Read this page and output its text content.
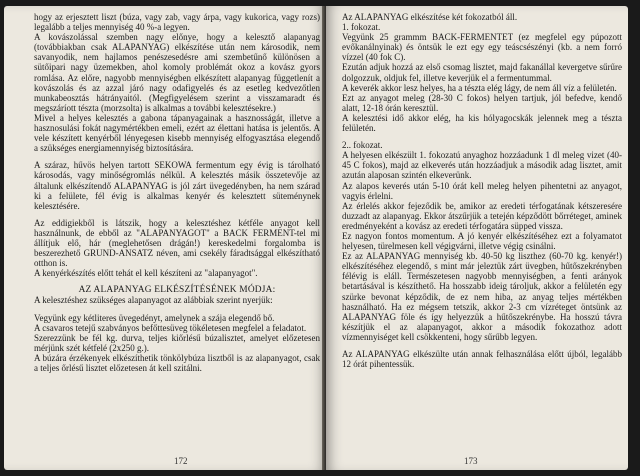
hogy az erjesztett liszt (búza, vagy zab, vagy árpa, vagy kukorica, vagy rozs) legalább a teljes mennyiség 40 %-a legyen.

A kovászolással szemben nagy előnye, hogy a kelesztő alapanyag (továbbiakban csak ALAPANYAG) elkészítése után nem károsodik, nem savanyodik, nem hajlamos penészesedésre ami szembetűnő különösen a sütőipari nagy üzemekben, ahol komoly problémát okoz a kovász gyors romlása. Az előre, nagyobb mennyiségben elkészített alapanyag függetlenít a kovászolás és az azzal járó nagy odafigyelés és az esetleg kedvezőtlen munkabeosztás hátrányaitól. (Megfigyelésem szerint a visszamaradt és megszáríott tészta (morzsolta) is alkalmas a további kelesztésekre.)

Mivel a helyes kelesztés a gabona tápanyagainak a hasznosságát, illetve a hasznosulási fokát nagymértékben emeli, ezért az élettani hatása is jelentős. A vele készített kenyérből lényegesen kisebb mennyiség elfogyasztása elegendő a szükséges energiamennyiség biztosítására.

A száraz, hűvös helyen tartott SEKOWA fermentum egy évig is tárolható károsodás, vagy minőségromlás nélkül. A kelesztés másik összetevője az általunk elkészítendő ALAPANYAG is jól zárt üvegedényben, ha nem szárad ki a felülete, fél évig is alkalmas kenyér és kelesztett süteménynek kelesztésére.

Az eddigiekből is látszik, hogy a kelesztéshez kétféle anyagot kell használnunk, de ebből az "ALAPANYAGOT" a BACK FERMENT-tel mi állítjuk elő, hár (meglehetősen drágán!) kereskedelmi forgalomba is beszerezhető GRUND-ANSATZ néven, ami csekély fáradtsággal elkészítható otthon is.

A kenyérkészítés előtt tehát el kell készíteni az "alapanyagot".

AZ ALAPANYAG ELKÉSZÍTÉSÉNEK MÓDJA:

A kelesztéshez szükséges alapanyagot az alábbiak szerint nyerjük:

Vegyünk egy kétliteres üvegedényt, amelynek a szája elegendő bő.

A csavaros tetejű szabványos befőttesüveg tökéletesen megfelel a feladatot.

Szerezzünk be fél kg. durva, teljes kiőrlésű búzalisztet, amelyet előzetesen mérjünk szét kétfelé (2x250 g.).

A búzára érzékenyek elkészíthetik tönkölybúza lisztből is az alapanyagot, csak a teljes őrlésű lisztet előzetesen át kell szitálni.

172

Az ALAPANYAG elkészítése két fokozatból áll.

1. fokozat.

Vegyünk 25 grammm BACK-FERMENTET (ez megfelel egy púpozott evőkanálnyinak) és öntsük le ezt egy egy teáscsészényi (kb. a nem forró vízzel (40 fok C).

Ezután adjuk hozzá az első csomag lisztet, majd fakanállal kevergetve sűrűre dolgozzuk, oldjuk fel, illetve keverjük el a fermentummal.

A keverék akkor lesz helyes, ha a tészta elég lágy, de nem áll víz a felületén.

Ezt az anyagot meleg (28-30 C fokos) helyen tartjuk, jól befedve, kendő alatt, 12-18 órán keresztül.

A kelesztési idő akkor elég, ha kis hólyagocskák jelennek meg a tészta felületén.

2.. fokozat.

A helyesen elkészült 1. fokozatú anyaghoz hozzáadunk 1 dl meleg vizet (40-45 C fokos), majd az elkeverés után hozzáadjuk a második adag lisztet, amit azután alaposan szintén elkeverünk.

Az alapos keverés után 5-10 órát kell meleg helyen pihentetni az anyagot, vagyis érlelni.

Az érlelés akkor fejeződik be, amikor az eredeti térfogatának kétszeresére duzzadt az alapanyag. Ekkor átszűrjük a tetején képződött bőrréteget, aminek eredményeként a kovász az eredeti térfogatára süpped vissza.

Ez nagyon fontos momentum. A jó kenyér elkészítéséhez ezt a folyamatot helyesen, türelmesen kell végigvárni, illetve végig csinálni.

Ez az ALAPANYAG mennyiség kb. 40-50 kg liszthez (60-70 kg. kenyér!) elkészítéséhez elegendő, s mint már jeleztük zárt üvegben, hűtőszekrényben félévig is eláll. Természetesen nagyobb mennyiségben, a fenti arányok betartásával is készíthető. Ha hosszabb ideig tároljuk, akkor a felületén egy szürke bevonat képződik, de ez nem hiba, az anyag teljes mértékben használható. Ha ez mégsem tetszik, akkor 2-3 cm vízréteget öntsünk az ALAPANYAG föle és így helyezzük a hűtőszekrénybe. Ha hosszú távra készítjük el az alapanyagot, akkor a második fokozathoz adott vízmennyiséget kell csökkenteni, hogy sűrűbb legyen.

Az ALAPANYAG elkészülte után annak felhasználása előtt újból, legalább 12 órát pihentessük.

173
